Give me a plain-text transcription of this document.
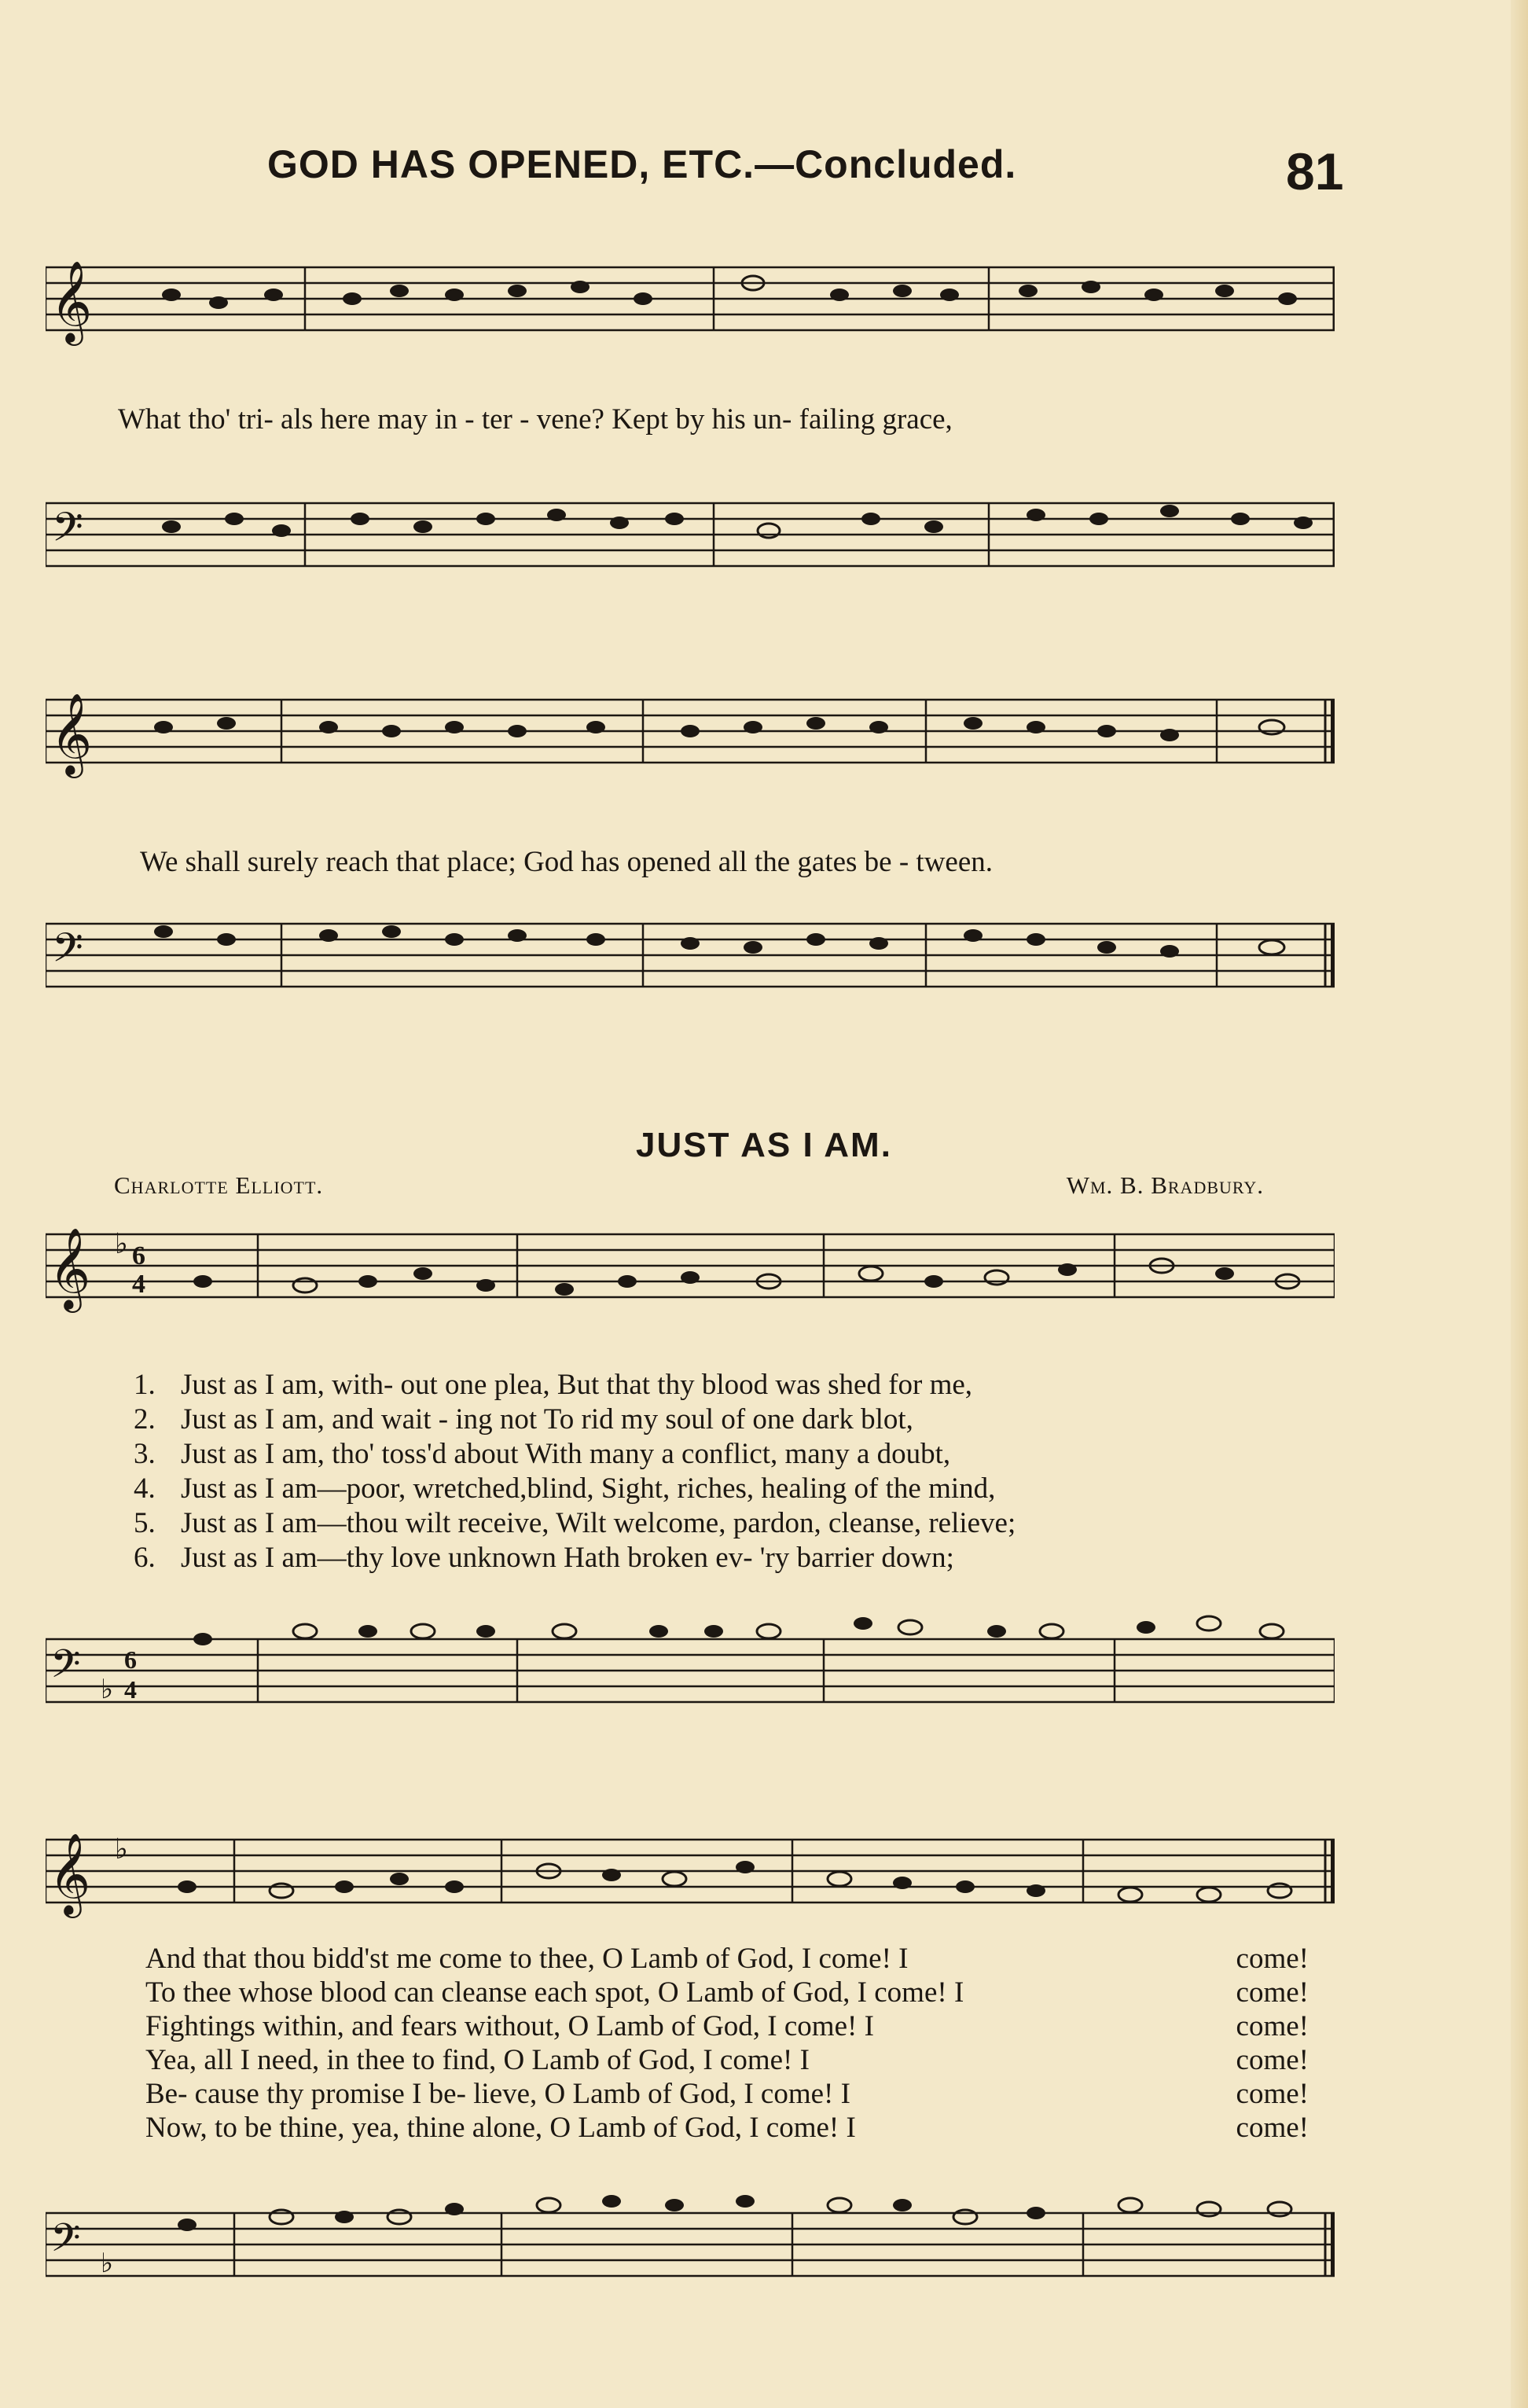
GOD HAS OPENED, ETC.—Concluded.	81
𝄞
What tho' tri- als here may in - ter - vene? Kept by his un- failing grace,
𝄢
𝄞
We shall surely reach that place; God has opened all the gates be - tween.
𝄢
JUST AS I AM.
Charlotte Elliott.	Wm. B. Bradbury.
𝄞 ♭ 6
4
1. Just as I am, with- out one plea, But that thy blood was shed for me,
2. Just as I am, and wait - ing not To rid my soul of one dark blot,
3. Just as I am, tho' toss'd about With many a conflict, many a doubt,
4. Just as I am—poor, wretched,blind, Sight, riches, healing of the mind,
5. Just as I am—thou wilt receive, Wilt welcome, pardon, cleanse, relieve;
6. Just as I am—thy love unknown Hath broken ev- 'ry barrier down;
𝄢 ♭
6
4
𝄞 ♭
And that thou bidd'st me come to thee, O Lamb of God, I come! I	come!
To thee whose blood can cleanse each spot, O Lamb of God, I come! I	come!
Fightings within, and fears without, O Lamb of God, I come! I	come!
Yea, all I need, in thee to find, O Lamb of God, I come! I	come!
Be- cause thy promise I be- lieve, O Lamb of God, I come! I	come!
Now, to be thine, yea, thine alone, O Lamb of God, I come! I	come!
𝄢 ♭
